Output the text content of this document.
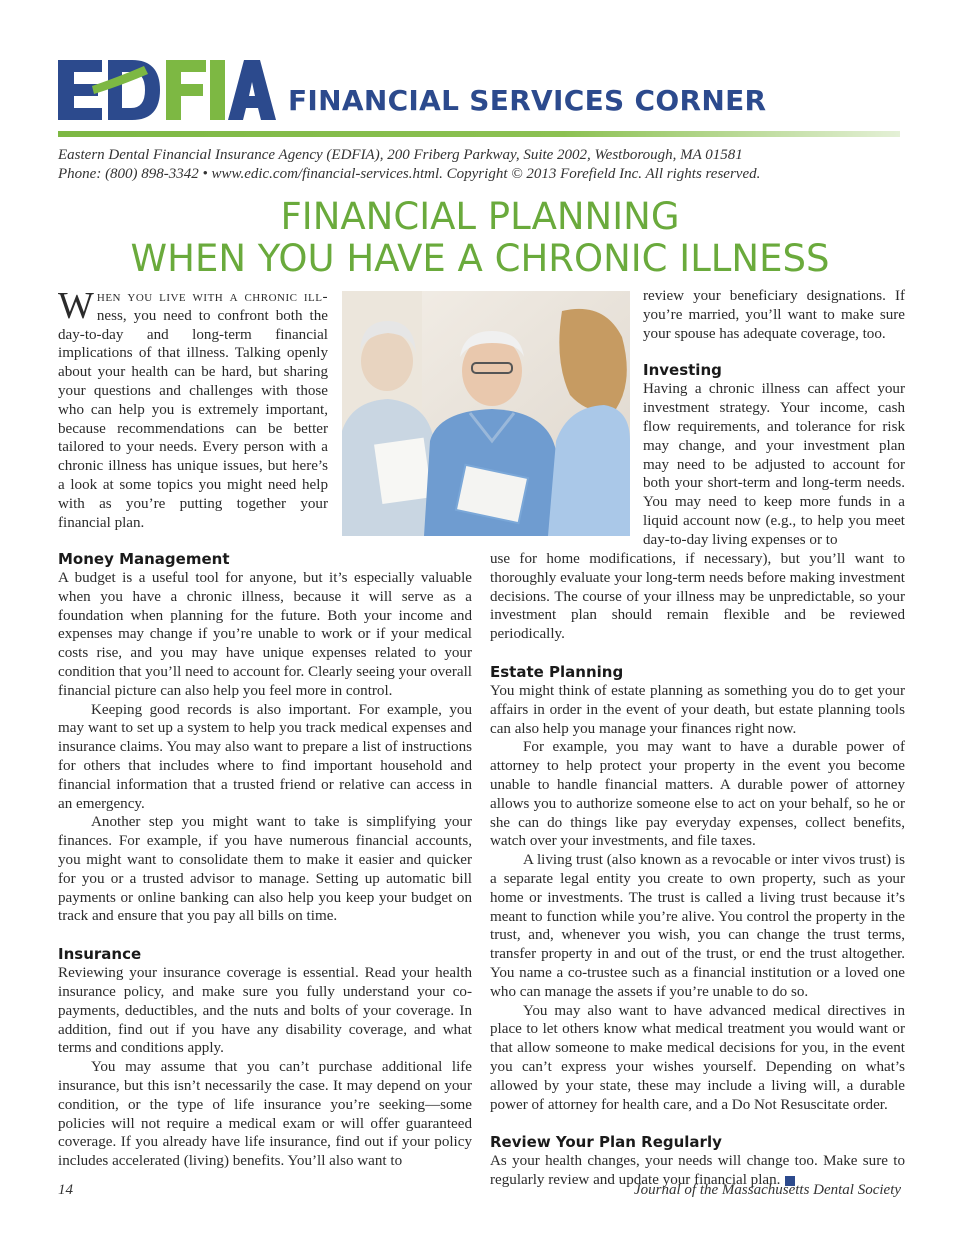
FINANCIAL SERVICES CORNER
Eastern Dental Financial Insurance Agency (EDFIA), 200 Friberg Parkway, Suite 2002, Westborough, MA 01581
Phone: (800) 898-3342 • www.edic.com/financial-services.html. Copyright © 2013 Forefield Inc. All rights reserved.
FINANCIAL PLANNING
WHEN YOU HAVE A CHRONIC ILLNESS

When you live with a chronic ill- ness, you need to confront both the day-to-day and long-term financial implications of that illness. Talking openly about your health can be hard, but sharing your questions and challenges with those who can help you is extremely important, because recommendations can be better tailored to your needs. Every person with a chronic illness has unique issues, but here’s a look at some topics you might need help with as you’re putting together your financial plan.

Money Management

A budget is a useful tool for anyone, but it’s especially valuable when you have a chronic illness, because it will serve as a foundation when planning for the future. Both your income and expenses may change if you’re unable to work or if your medical costs rise, and you may have unique expenses related to your condition that you’ll need to account for. Clearly seeing your overall financial picture can also help you feel more in control.

Keeping good records is also important. For example, you may want to set up a system to help you track medical expenses and insurance claims. You may also want to prepare a list of instructions for others that includes where to find important household and financial information that a trusted friend or relative can access in an emergency.

Another step you might want to take is simplifying your finances. For example, if you have numerous financial accounts, you might want to consolidate them to make it easier and quicker for you or a trusted advisor to manage. Setting up automatic bill payments or online banking can also help you keep your budget on track and ensure that you pay all bills on time.

Insurance

Reviewing your insurance coverage is essential. Read your health insurance policy, and make sure you fully understand your co-payments, deductibles, and the nuts and bolts of your coverage. In addition, find out if you have any disability coverage, and what terms and conditions apply.

You may assume that you can’t purchase additional life insurance, but this isn’t necessarily the case. It may depend on your condition, or the type of life insurance you’re seeking—some policies will not require a medical exam or will offer guaranteed coverage. If you already have life insurance, find out if your policy includes accelerated (living) benefits. You’ll also want to

review your beneficiary designations. If you’re married, you’ll want to make sure your spouse has adequate coverage, too.

Investing

Having a chronic illness can affect your investment strategy. Your income, cash flow requirements, and tolerance for risk may change, and your investment plan may need to be adjusted to account for both your short-term and long-term needs. You may need to keep more funds in a liquid account now (e.g., to help you meet day-to-day living expenses or to

use for home modifications, if necessary), but you’ll want to thoroughly evaluate your long-term needs before making investment decisions. The course of your illness may be unpredictable, so your investment plan should remain flexible and be reviewed periodically.

Estate Planning

You might think of estate planning as something you do to get your affairs in order in the event of your death, but estate planning tools can also help you manage your finances right now.

For example, you may want to have a durable power of attorney to help protect your property in the event you become unable to handle financial matters. A durable power of attorney allows you to authorize someone else to act on your behalf, so he or she can do things like pay everyday expenses, collect benefits, watch over your investments, and file taxes.

A living trust (also known as a revocable or inter vivos trust) is a separate legal entity you create to own property, such as your home or investments. The trust is called a living trust because it’s meant to function while you’re alive. You control the property in the trust, and, whenever you wish, you can change the trust terms, transfer property in and out of the trust, or end the trust altogether. You name a co-trustee such as a financial institution or a loved one who can manage the assets if you’re unable to do so.

You may also want to have advanced medical directives in place to let others know what medical treatment you would want or that allow someone to make medical decisions for you, in the event you can’t express your wishes yourself. Depending on what’s allowed by your state, these may include a living will, a durable power of attorney for health care, and a Do Not Resuscitate order.

Review Your Plan Regularly

As your health changes, your needs will change too. Make sure to regularly review and update your financial plan.

14	Journal of the Massachusetts Dental Society
